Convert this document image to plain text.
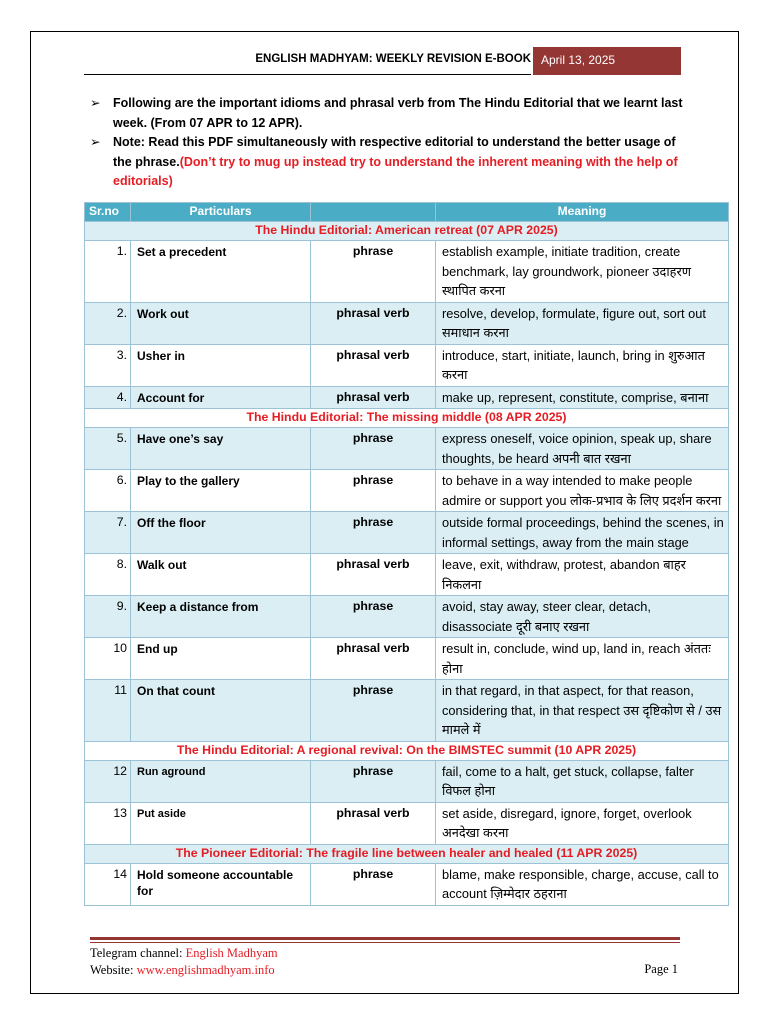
ENGLISH MADHYAM: WEEKLY REVISION E-BOOK April 13, 2025
➢ Following are the important idioms and phrasal verb from The Hindu Editorial that we learnt last week. (From 07 APR to 12 APR).
➢ Note: Read this PDF simultaneously with respective editorial to understand the better usage of the phrase.(Don’t try to mug up instead try to understand the inherent meaning with the help of editorials)
Sr.no	Particulars		Meaning
The Hindu Editorial: American retreat (07 APR 2025)			
1.	Set a precedent	phrase	establish example, initiate tradition, create benchmark, lay groundwork, pioneer उदाहरण स्थापित करना
2.	Work out	phrasal verb	resolve, develop, formulate, figure out, sort out समाधान करना
3.	Usher in	phrasal verb	introduce, start, initiate, launch, bring in शुरुआत करना
4.	Account for	phrasal verb	make up, represent, constitute, comprise, बनाना
The Hindu Editorial: The missing middle (08 APR 2025)			
5.	Have one’s say	phrase	express oneself, voice opinion, speak up, share thoughts, be heard अपनी बात रखना
6.	Play to the gallery	phrase	to behave in a way intended to make people admire or support you लोक-प्रभाव के लिए प्रदर्शन करना
7.	Off the floor	phrase	outside formal proceedings, behind the scenes, in informal settings, away from the main stage
8.	Walk out	phrasal verb	leave, exit, withdraw, protest, abandon बाहर निकलना
9.	Keep a distance from	phrase	avoid, stay away, steer clear, detach, disassociate दूरी बनाए रखना
10	End up	phrasal verb	result in, conclude, wind up, land in, reach अंततः होना
11	On that count	phrase	in that regard, in that aspect, for that reason, considering that, in that respect उस दृष्टिकोण से / उस मामले में
The Hindu Editorial: A regional revival: On the BIMSTEC summit (10 APR 2025)			
12	Run aground	phrase	fail, come to a halt, get stuck, collapse, falter विफल होना
13	Put aside	phrasal verb	set aside, disregard, ignore, forget, overlook अनदेखा करना
The Pioneer Editorial: The fragile line between healer and healed (11 APR 2025)			
14	Hold someone accountable for	phrase	blame, make responsible, charge, accuse, call to account ज़िम्मेदार ठहराना
Telegram channel: English Madhyam
Website: www.englishmadhyam.info	Page 1
